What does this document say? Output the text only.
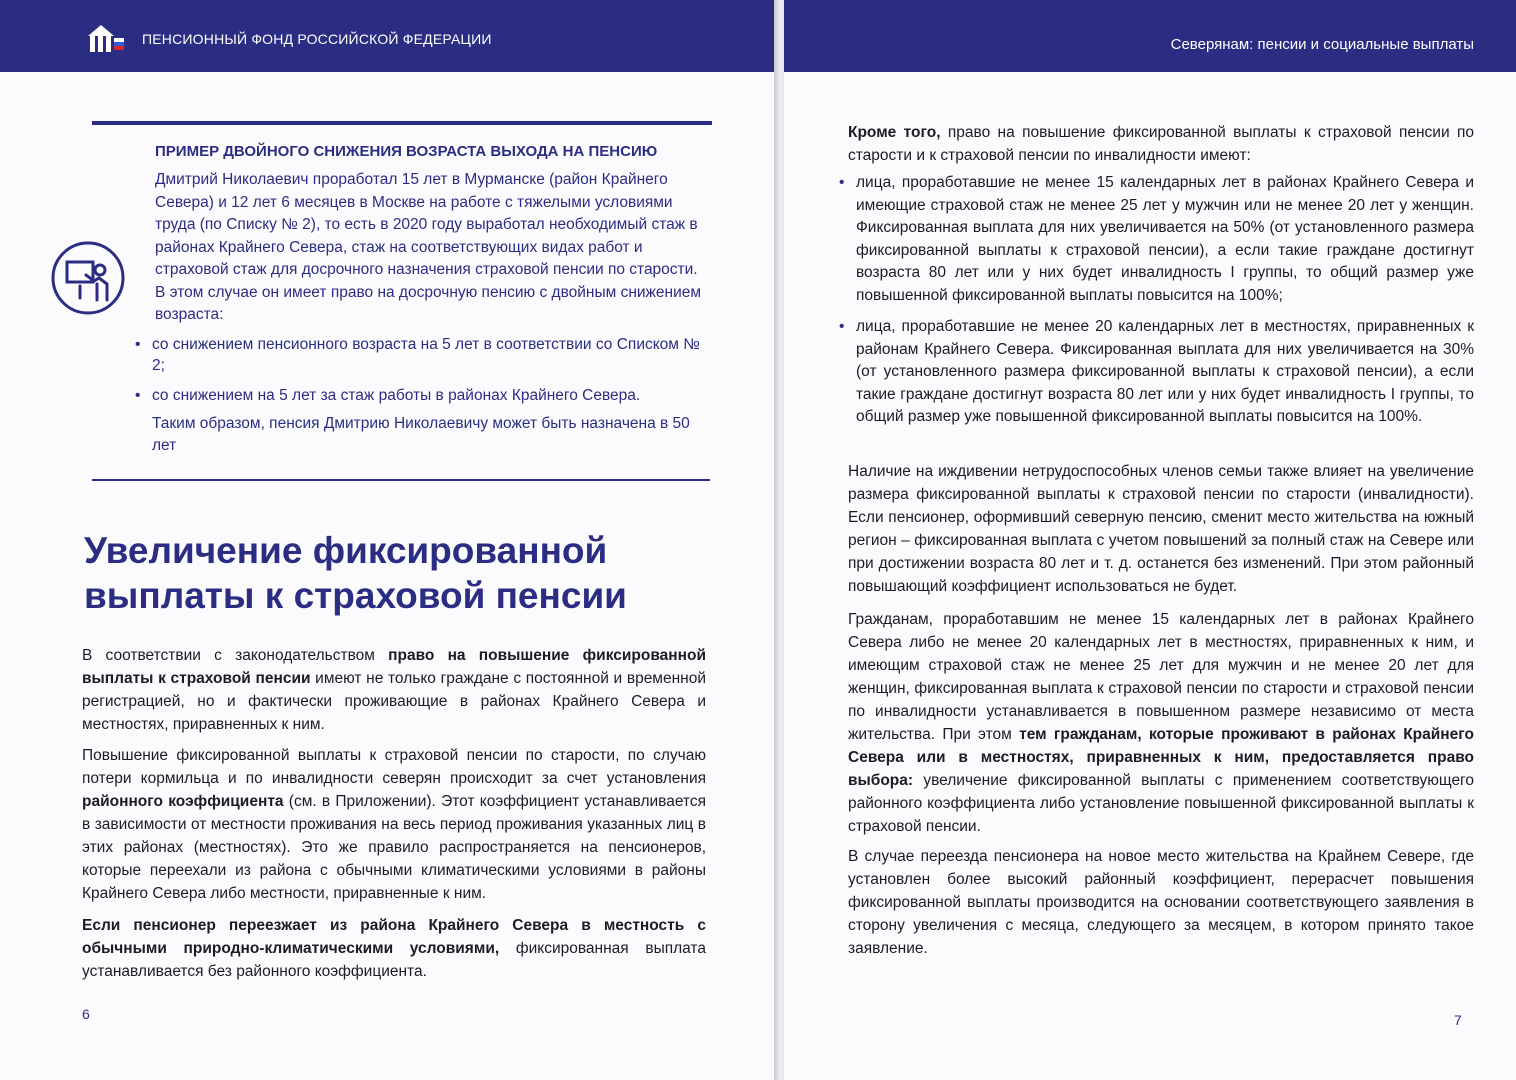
ПЕНСИОННЫЙ ФОНД РОССИЙСКОЙ ФЕДЕРАЦИИ
ПРИМЕР ДВОЙНОГО СНИЖЕНИЯ ВОЗРАСТА ВЫХОДА НА ПЕНСИЮ
Дмитрий Николаевич проработал 15 лет в Мурманске (район Крайнего Севера) и 12 лет 6 месяцев в Москве на работе с тяжелыми условиями труда (по Списку № 2), то есть в 2020 году выработал необходимый стаж в районах Крайнего Севера, стаж на соответствующих видах работ и страховой стаж для досрочного назначения страховой пенсии по старости. В этом случае он имеет право на досрочную пенсию с двойным снижением возраста:
• со снижением пенсионного возраста на 5 лет в соответствии со Списком № 2;
• со снижением на 5 лет за стаж работы в районах Крайнего Севера.
Таким образом, пенсия Дмитрию Николаевичу может быть назначена в 50 лет
Увеличение фиксированной выплаты к страховой пенсии
В соответствии с законодательством право на повышение фиксированной выплаты к страховой пенсии имеют не только граждане с постоянной и временной регистрацией, но и фактически проживающие в районах Крайнего Севера и местностях, приравненных к ним.
Повышение фиксированной выплаты к страховой пенсии по старости, по случаю потери кормильца и по инвалидности северян происходит за счет установления районного коэффициента (см. в Приложении). Этот коэффициент устанавливается в зависимости от местности проживания на весь период проживания указанных лиц в этих районах (местностях). Это же правило распространяется на пенсионеров, которые переехали из района с обычными климатическими условиями в районы Крайнего Севера либо местности, приравненные к ним.
Если пенсионер переезжает из района Крайнего Севера в местность с обычными природно-климатическими условиями, фиксированная выплата устанавливается без районного коэффициента.
6
Северянам: пенсии и социальные выплаты
Кроме того, право на повышение фиксированной выплаты к страховой пенсии по старости и к страховой пенсии по инвалидности имеют:
• лица, проработавшие не менее 15 календарных лет в районах Крайнего Севера и имеющие страховой стаж не менее 25 лет у мужчин или не менее 20 лет у женщин. Фиксированная выплата для них увеличивается на 50% (от установленного размера фиксированной выплаты к страховой пенсии), а если такие граждане достигнут возраста 80 лет или у них будет инвалидность I группы, то общий размер уже повышенной фиксированной выплаты повысится на 100%;
• лица, проработавшие не менее 20 календарных лет в местностях, приравненных к районам Крайнего Севера. Фиксированная выплата для них увеличивается на 30% (от установленного размера фиксированной выплаты к страховой пенсии), а если такие граждане достигнут возраста 80 лет или у них будет инвалидность I группы, то общий размер уже повышенной фиксированной выплаты повысится на 100%.
Наличие на иждивении нетрудоспособных членов семьи также влияет на увеличение размера фиксированной выплаты к страховой пенсии по старости (инвалидности). Если пенсионер, оформивший северную пенсию, сменит место жительства на южный регион – фиксированная выплата с учетом повышений за полный стаж на Севере или при достижении возраста 80 лет и т. д. останется без изменений. При этом районный повышающий коэффициент использоваться не будет.
Гражданам, проработавшим не менее 15 календарных лет в районах Крайнего Севера либо не менее 20 календарных лет в местностях, приравненных к ним, и имеющим страховой стаж не менее 25 лет для мужчин и не менее 20 лет для женщин, фиксированная выплата к страховой пенсии по старости и страховой пенсии по инвалидности устанавливается в повышенном размере независимо от места жительства. При этом тем гражданам, которые проживают в районах Крайнего Севера или в местностях, приравненных к ним, предоставляется право выбора: увеличение фиксированной выплаты с применением соответствующего районного коэффициента либо установление повышенной фиксированной выплаты к страховой пенсии.
В случае переезда пенсионера на новое место жительства на Крайнем Севере, где установлен более высокий районный коэффициент, перерасчет повышения фиксированной выплаты производится на основании соответствующего заявления в сторону увеличения с месяца, следующего за месяцем, в котором принято такое заявление.
7
